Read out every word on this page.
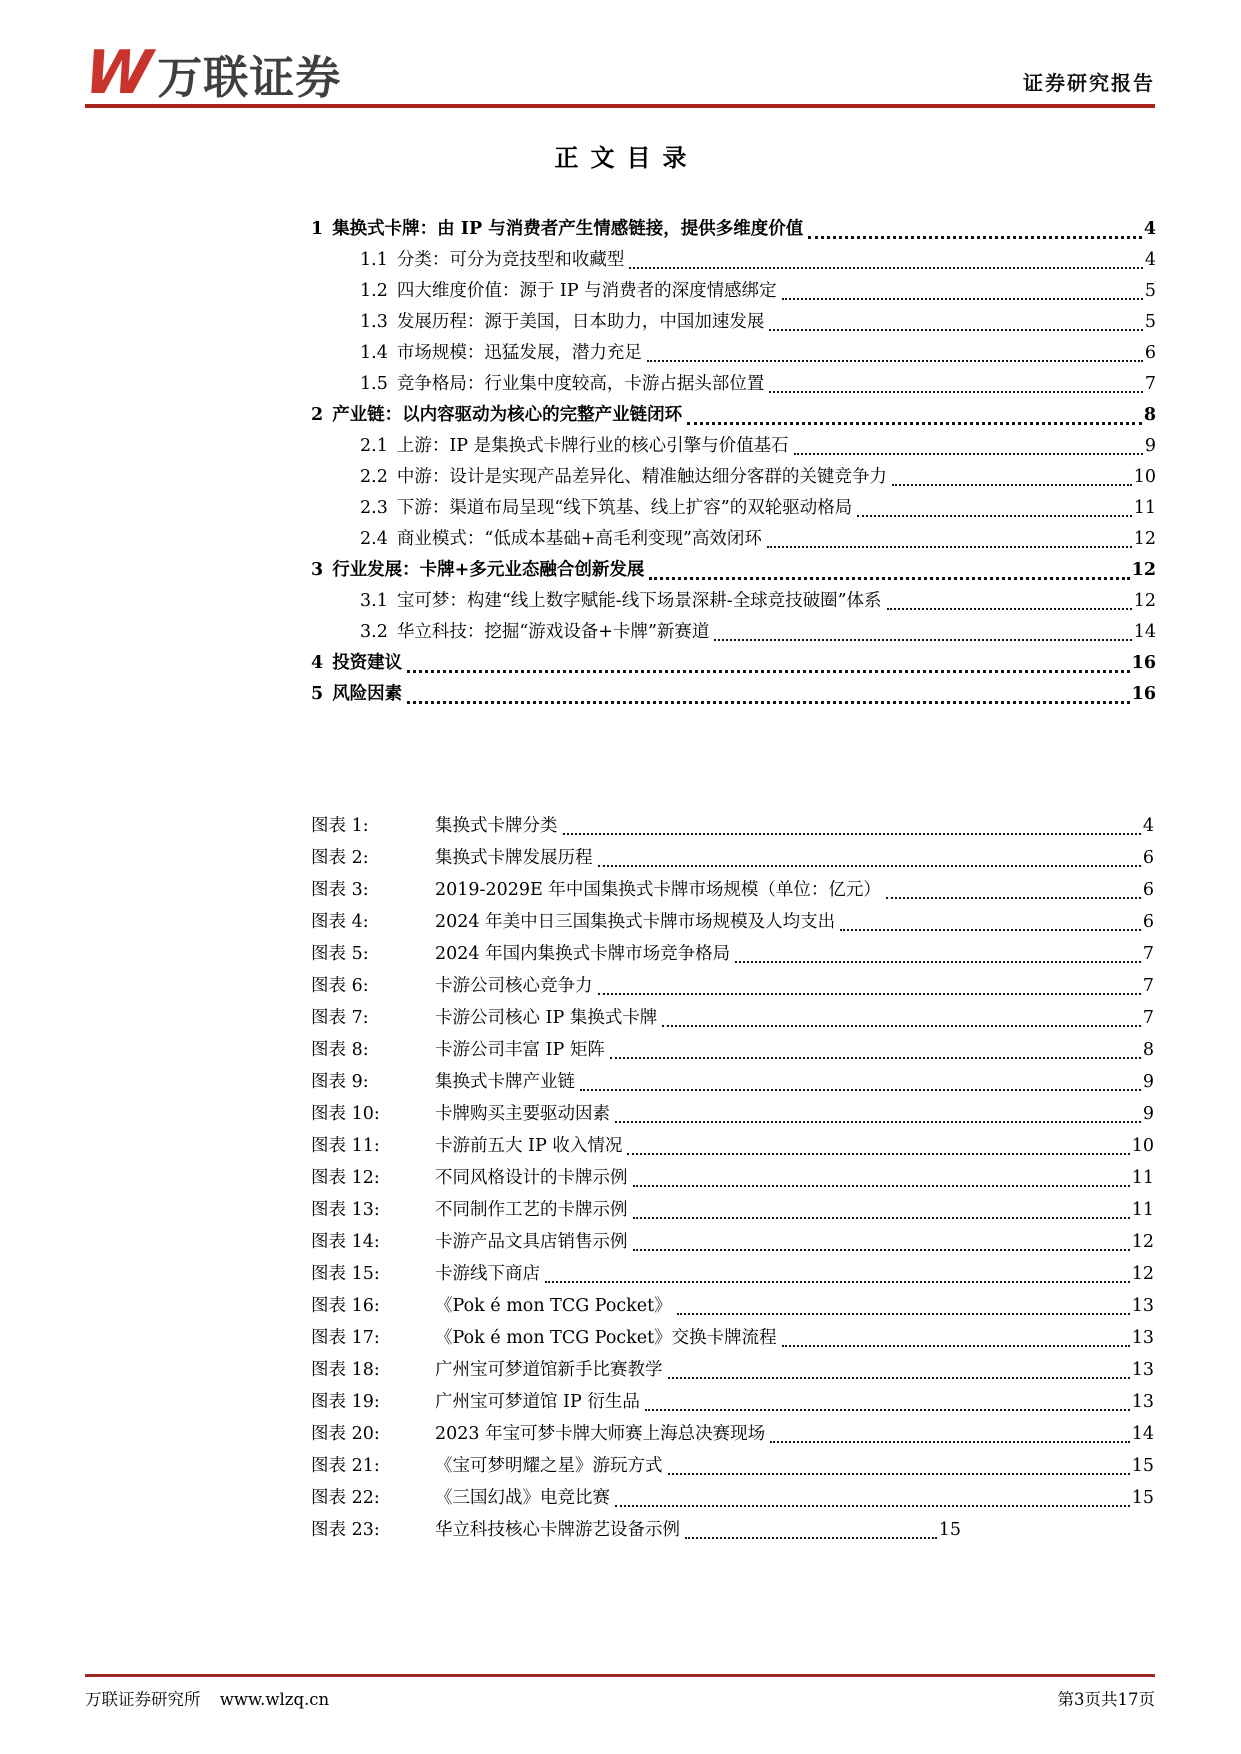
W 万联证券	证券研究报告
正文目录
1 集换式卡牌：由 IP 与消费者产生情感链接，提供多维度价值	4
1.1 分类：可分为竞技型和收藏型	4
1.2 四大维度价值：源于 IP 与消费者的深度情感绑定	5
1.3 发展历程：源于美国，日本助力，中国加速发展	5
1.4 市场规模：迅猛发展，潜力充足	6
1.5 竞争格局：行业集中度较高，卡游占据头部位置	7
2 产业链：以内容驱动为核心的完整产业链闭环	8
2.1 上游：IP 是集换式卡牌行业的核心引擎与价值基石	9
2.2 中游：设计是实现产品差异化、精准触达细分客群的关键竞争力	10
2.3 下游：渠道布局呈现“线下筑基、线上扩容”的双轮驱动格局	11
2.4 商业模式：“低成本基础+高毛利变现”高效闭环	12
3 行业发展：卡牌+多元业态融合创新发展	12
3.1 宝可梦：构建“线上数字赋能-线下场景深耕-全球竞技破圈”体系	12
3.2 华立科技：挖掘“游戏设备+卡牌”新赛道	14
4 投资建议	16
5 风险因素	16
图表 1:	集换式卡牌分类	4
图表 2:	集换式卡牌发展历程	6
图表 3:	2019-2029E 年中国集换式卡牌市场规模（单位：亿元）	6
图表 4:	2024 年美中日三国集换式卡牌市场规模及人均支出	6
图表 5:	2024 年国内集换式卡牌市场竞争格局	7
图表 6:	卡游公司核心竞争力	7
图表 7:	卡游公司核心 IP 集换式卡牌	7
图表 8:	卡游公司丰富 IP 矩阵	8
图表 9:	集换式卡牌产业链	9
图表 10:	卡牌购买主要驱动因素	9
图表 11:	卡游前五大 IP 收入情况	10
图表 12:	不同风格设计的卡牌示例	11
图表 13:	不同制作工艺的卡牌示例	11
图表 14:	卡游产品文具店销售示例	12
图表 15:	卡游线下商店	12
图表 16:	《Pok é mon TCG Pocket》	13
图表 17:	《Pok é mon TCG Pocket》交换卡牌流程	13
图表 18:	广州宝可梦道馆新手比赛教学	13
图表 19:	广州宝可梦道馆 IP 衍生品	13
图表 20:	2023 年宝可梦卡牌大师赛上海总决赛现场	14
图表 21:	《宝可梦明耀之星》游玩方式	15
图表 22:	《三国幻战》电竞比赛	15
图表 23:	华立科技核心卡牌游艺设备示例	15
万联证券研究所 www.wlzq.cn	第3页共17页
